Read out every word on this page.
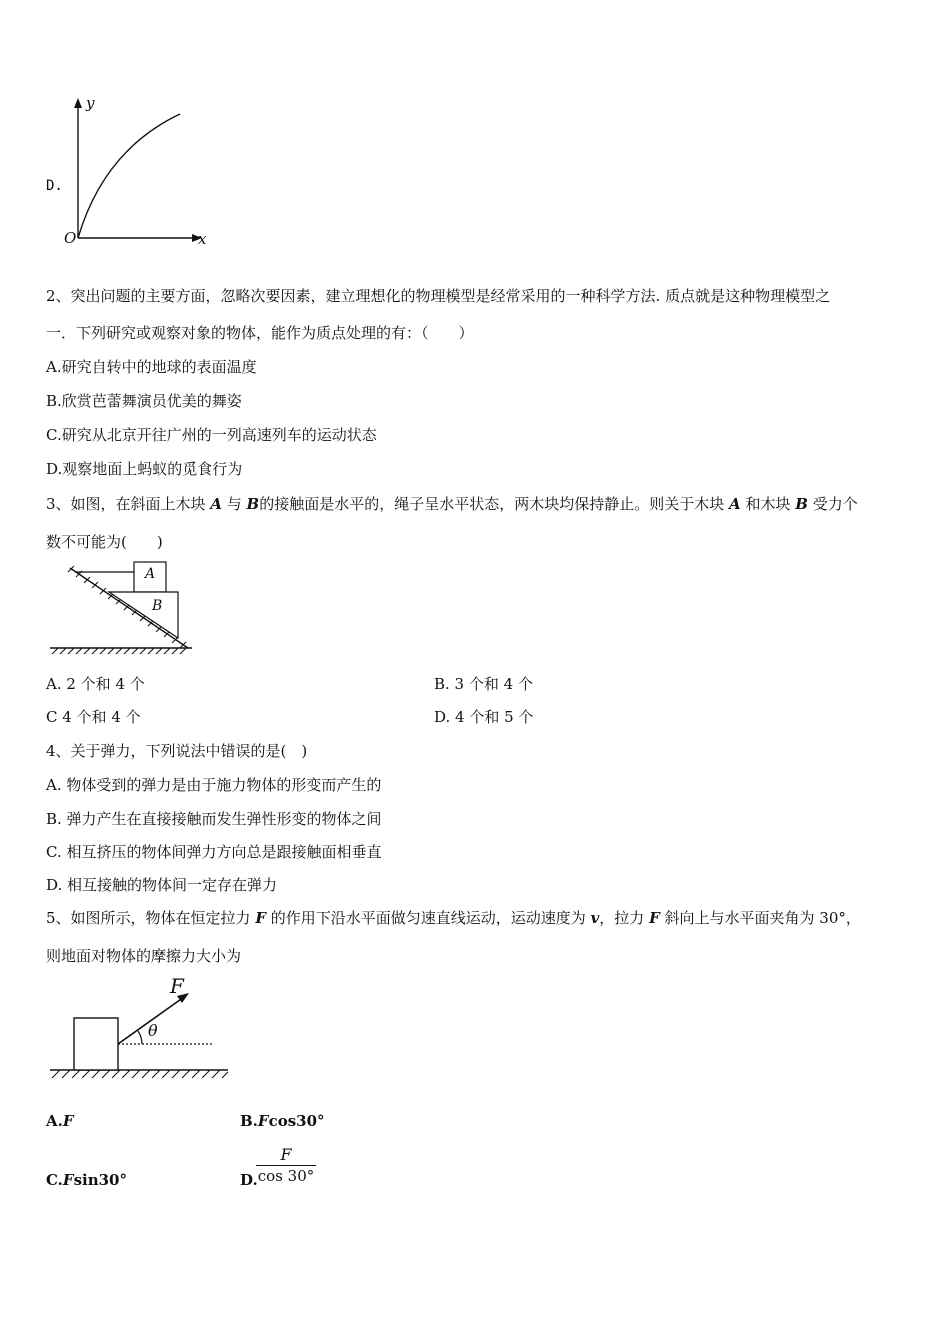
D.
y
x
O
2、突出问题的主要方面，忽略次要因素，建立理想化的物理模型是经常采用的一种科学方法. 质点就是这种物理模型之
一．下列研究或观察对象的物体，能作为质点处理的有：（　　）
A.研究自转中的地球的表面温度
B.欣赏芭蕾舞演员优美的舞姿
C.研究从北京开往广州的一列高速列车的运动状态
D.观察地面上蚂蚁的觅食行为
3、如图，在斜面上木块 A 与 B的接触面是水平的，绳子呈水平状态，两木块均保持静止。则关于木块 A 和木块 B 受力个
数不可能为(　　)
A
B
A. 2 个和 4 个	B. 3 个和 4 个
C 4 个和 4 个	D. 4 个和 5 个
4、关于弹力，下列说法中错误的是(　)
A. 物体受到的弹力是由于施力物体的形变而产生的
B. 弹力产生在直接接触而发生弹性形变的物体之间
C. 相互挤压的物体间弹力方向总是跟接触面相垂直
D. 相互接触的物体间一定存在弹力
5、如图所示，物体在恒定拉力 F 的作用下沿水平面做匀速直线运动，运动速度为 v，拉力 F 斜向上与水平面夹角为 30°，
则地面对物体的摩擦力大小为
F
θ
A.F	B.Fcos30°
C.Fsin30°	D.
$\frac{F}{\cos 30^\circ}$
